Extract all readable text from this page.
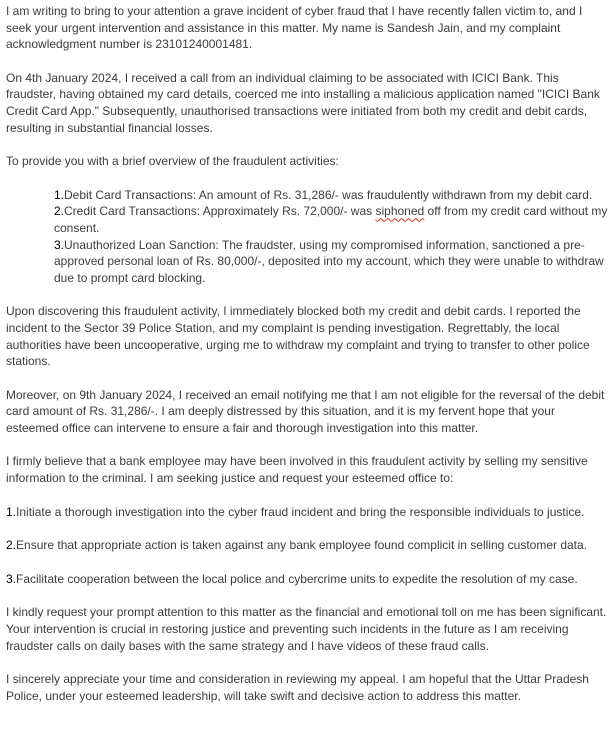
I am writing to bring to your attention a grave incident of cyber fraud that I have recently fallen victim to, and I seek your urgent intervention and assistance in this matter. My name is Sandesh Jain, and my complaint acknowledgment number is 23101240001481.

On 4th January 2024, I received a call from an individual claiming to be associated with ICICI Bank. This fraudster, having obtained my card details, coerced me into installing a malicious application named "ICICI Bank Credit Card App." Subsequently, unauthorised transactions were initiated from both my credit and debit cards, resulting in substantial financial losses.

To provide you with a brief overview of the fraudulent activities:

1.Debit Card Transactions: An amount of Rs. 31,286/- was fraudulently withdrawn from my debit card.
2.Credit Card Transactions: Approximately Rs. 72,000/- was siphoned off from my credit card without my consent.
3.Unauthorized Loan Sanction: The fraudster, using my compromised information, sanctioned a pre-approved personal loan of Rs. 80,000/-, deposited into my account, which they were unable to withdraw due to prompt card blocking.

Upon discovering this fraudulent activity, I immediately blocked both my credit and debit cards. I reported the incident to the Sector 39 Police Station, and my complaint is pending investigation. Regrettably, the local authorities have been uncooperative, urging me to withdraw my complaint and trying to transfer to other police stations.

Moreover, on 9th January 2024, I received an email notifying me that I am not eligible for the reversal of the debit card amount of Rs. 31,286/-. I am deeply distressed by this situation, and it is my fervent hope that your esteemed office can intervene to ensure a fair and thorough investigation into this matter.

I firmly believe that a bank employee may have been involved in this fraudulent activity by selling my sensitive information to the criminal. I am seeking justice and request your esteemed office to:

1.Initiate a thorough investigation into the cyber fraud incident and bring the responsible individuals to justice.
2.Ensure that appropriate action is taken against any bank employee found complicit in selling customer data.
3.Facilitate cooperation between the local police and cybercrime units to expedite the resolution of my case.

I kindly request your prompt attention to this matter as the financial and emotional toll on me has been significant. Your intervention is crucial in restoring justice and preventing such incidents in the future as I am receiving fraudster calls on daily bases with the same strategy and I have videos of these fraud calls.

I sincerely appreciate your time and consideration in reviewing my appeal. I am hopeful that the Uttar Pradesh Police, under your esteemed leadership, will take swift and decisive action to address this matter.
